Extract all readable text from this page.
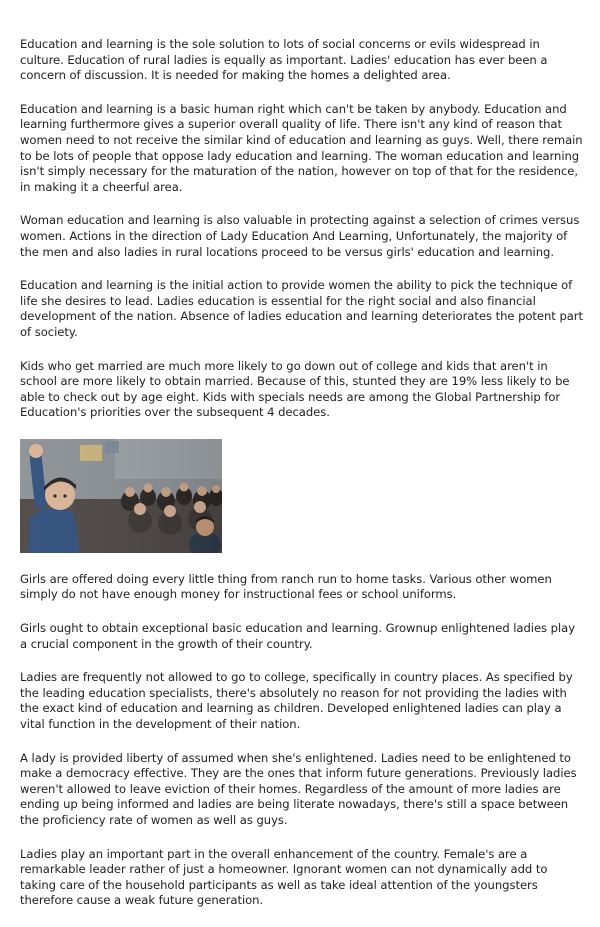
Education and learning is the sole solution to lots of social concerns or evils widespread in culture. Education of rural ladies is equally as important. Ladies' education has ever been a concern of discussion. It is needed for making the homes a delighted area.

Education and learning is a basic human right which can't be taken by anybody. Education and learning furthermore gives a superior overall quality of life. There isn't any kind of reason that women need to not receive the similar kind of education and learning as guys. Well, there remain to be lots of people that oppose lady education and learning. The woman education and learning isn't simply necessary for the maturation of the nation, however on top of that for the residence, in making it a cheerful area.

Woman education and learning is also valuable in protecting against a selection of crimes versus women. Actions in the direction of Lady Education And Learning, Unfortunately, the majority of the men and also ladies in rural locations proceed to be versus girls' education and learning.

Education and learning is the initial action to provide women the ability to pick the technique of life she desires to lead. Ladies education is essential for the right social and also financial development of the nation. Absence of ladies education and learning deteriorates the potent part of society.

Kids who get married are much more likely to go down out of college and kids that aren't in school are more likely to obtain married. Because of this, stunted they are 19% less likely to be able to check out by age eight. Kids with specials needs are among the Global Partnership for Education's priorities over the subsequent 4 decades.

Girls are offered doing every little thing from ranch run to home tasks. Various other women simply do not have enough money for instructional fees or school uniforms.

Girls ought to obtain exceptional basic education and learning. Grownup enlightened ladies play a crucial component in the growth of their country.

Ladies are frequently not allowed to go to college, specifically in country places. As specified by the leading education specialists, there's absolutely no reason for not providing the ladies with the exact kind of education and learning as children. Developed enlightened ladies can play a vital function in the development of their nation.

A lady is provided liberty of assumed when she's enlightened. Ladies need to be enlightened to make a democracy effective. They are the ones that inform future generations. Previously ladies weren't allowed to leave eviction of their homes. Regardless of the amount of more ladies are ending up being informed and ladies are being literate nowadays, there's still a space between the proficiency rate of women as well as guys.

Ladies play an important part in the overall enhancement of the country. Female's are a remarkable leader rather of just a homeowner. Ignorant women can not dynamically add to taking care of the household participants as well as take ideal attention of the youngsters therefore cause a weak future generation.
